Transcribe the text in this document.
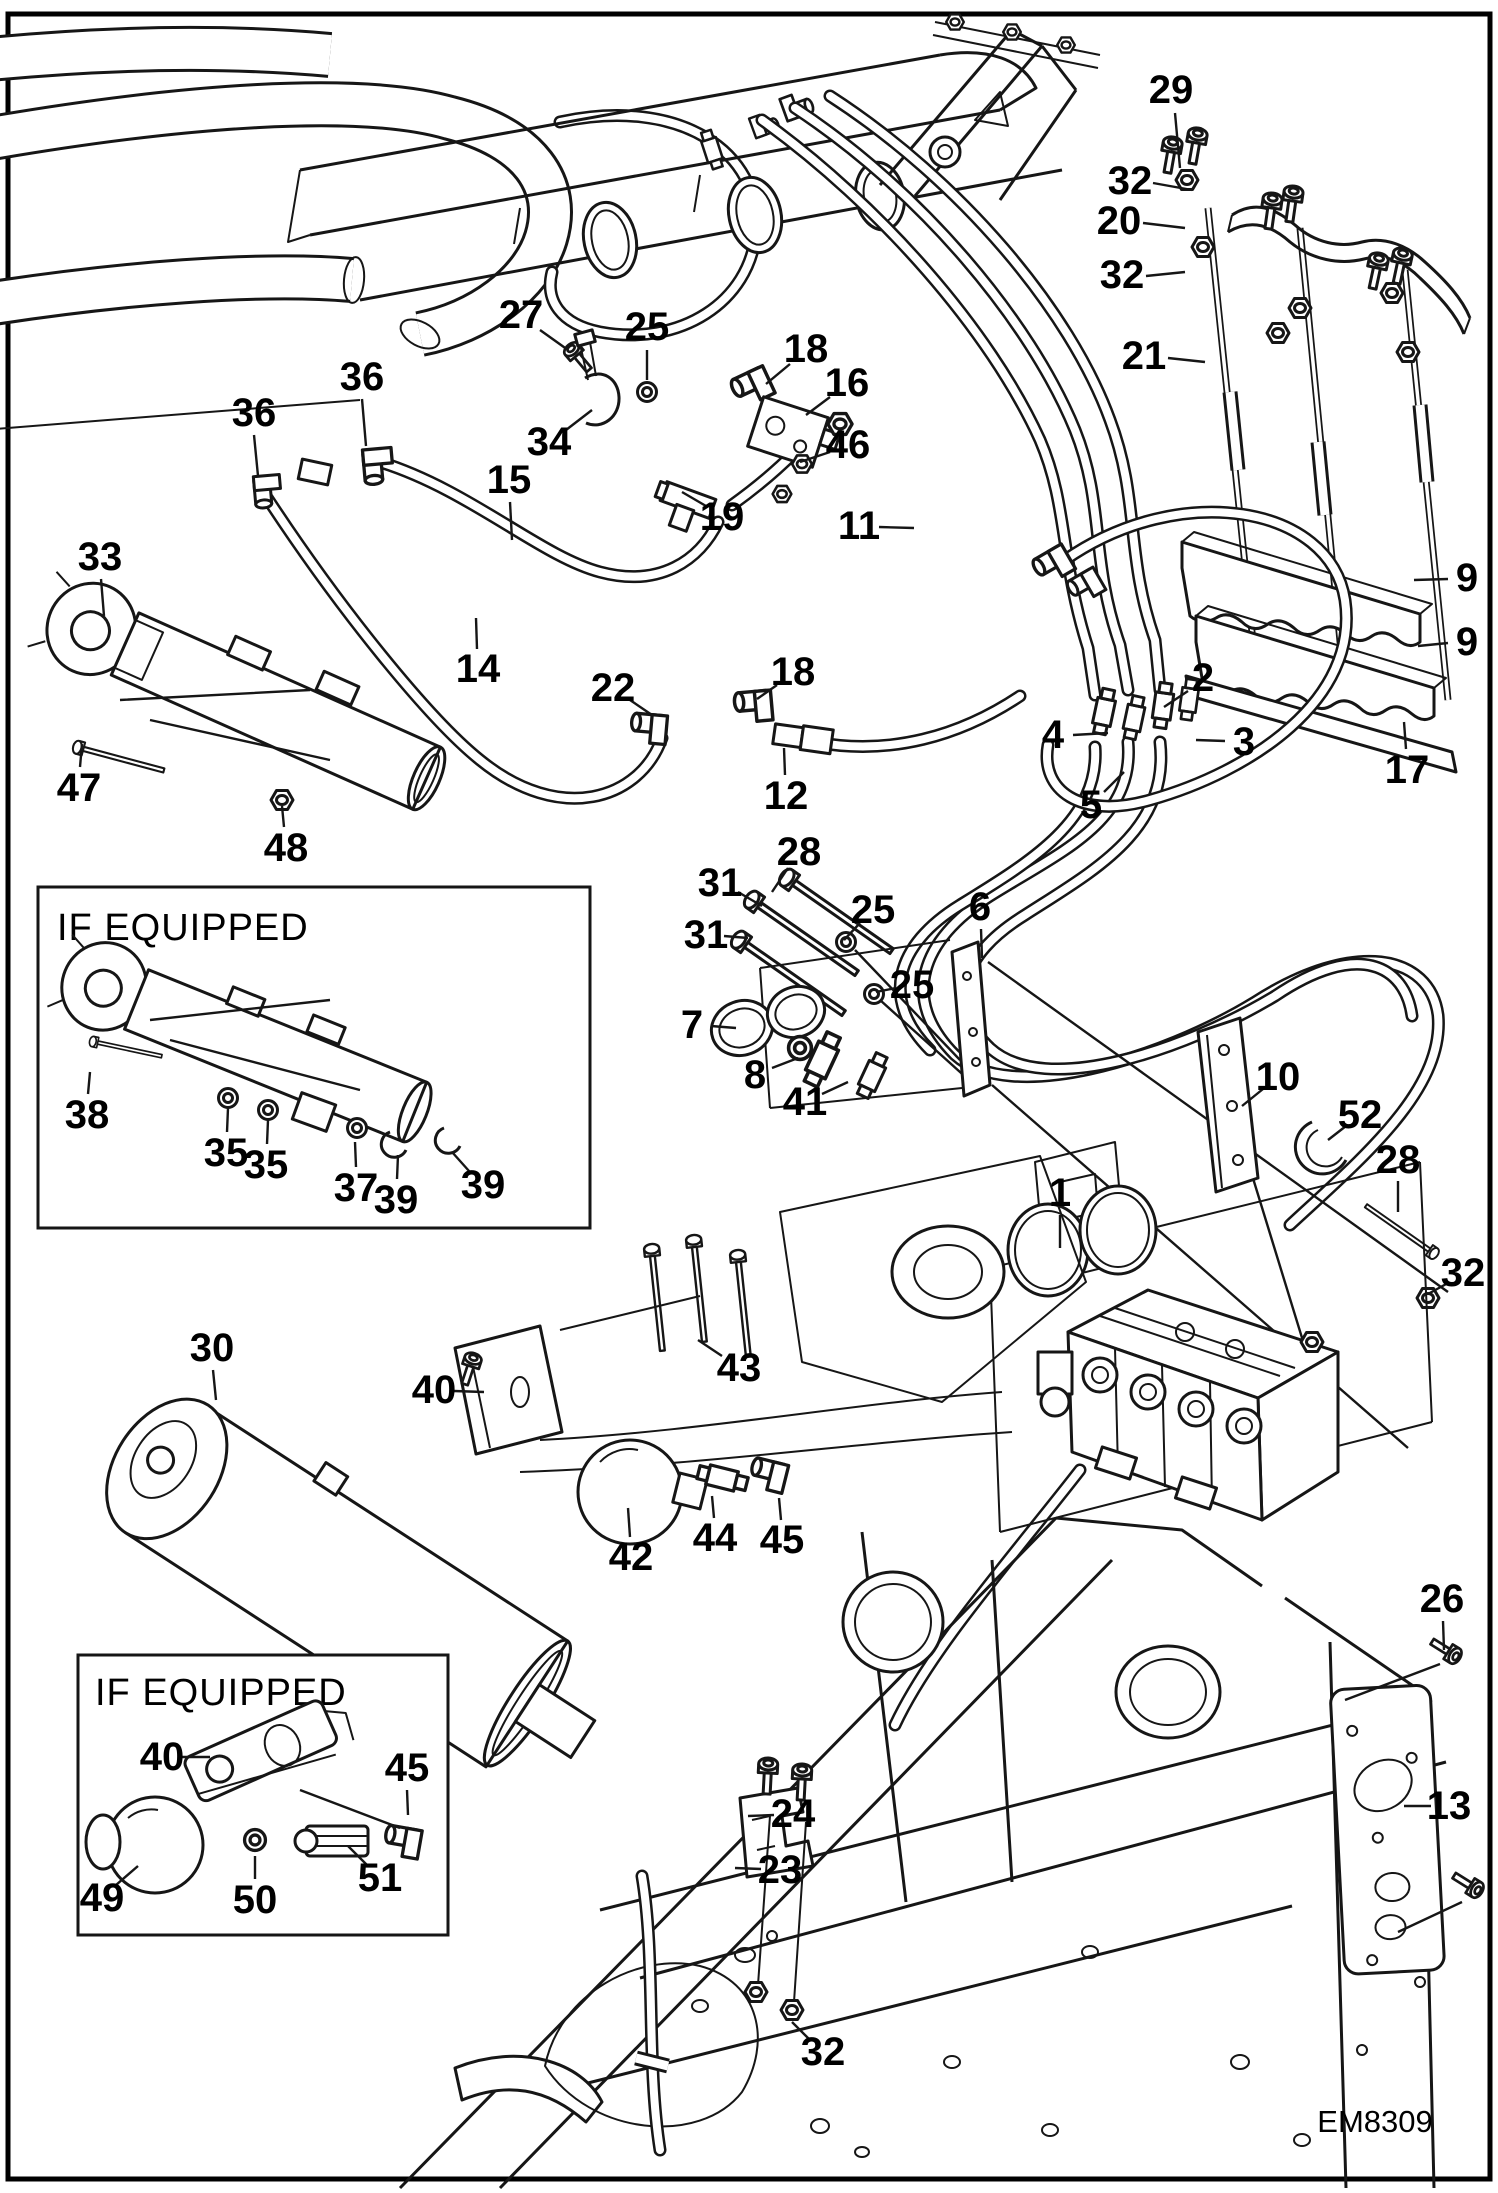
IF EQUIPPED
IF EQUIPPED
29
32
20
32
21
27 25	18
16
36
36
34	46
15
19 11
33	9
9
2
14	18
22
4	3
17
47	12	5
48	28
31
25
31
6
25
7
8
41
10
52
28
1
32
30	43
40
44 45
42
26
13
24
23
32
38
35
35
37
39 39
40	45
49	50 51
EM8309
